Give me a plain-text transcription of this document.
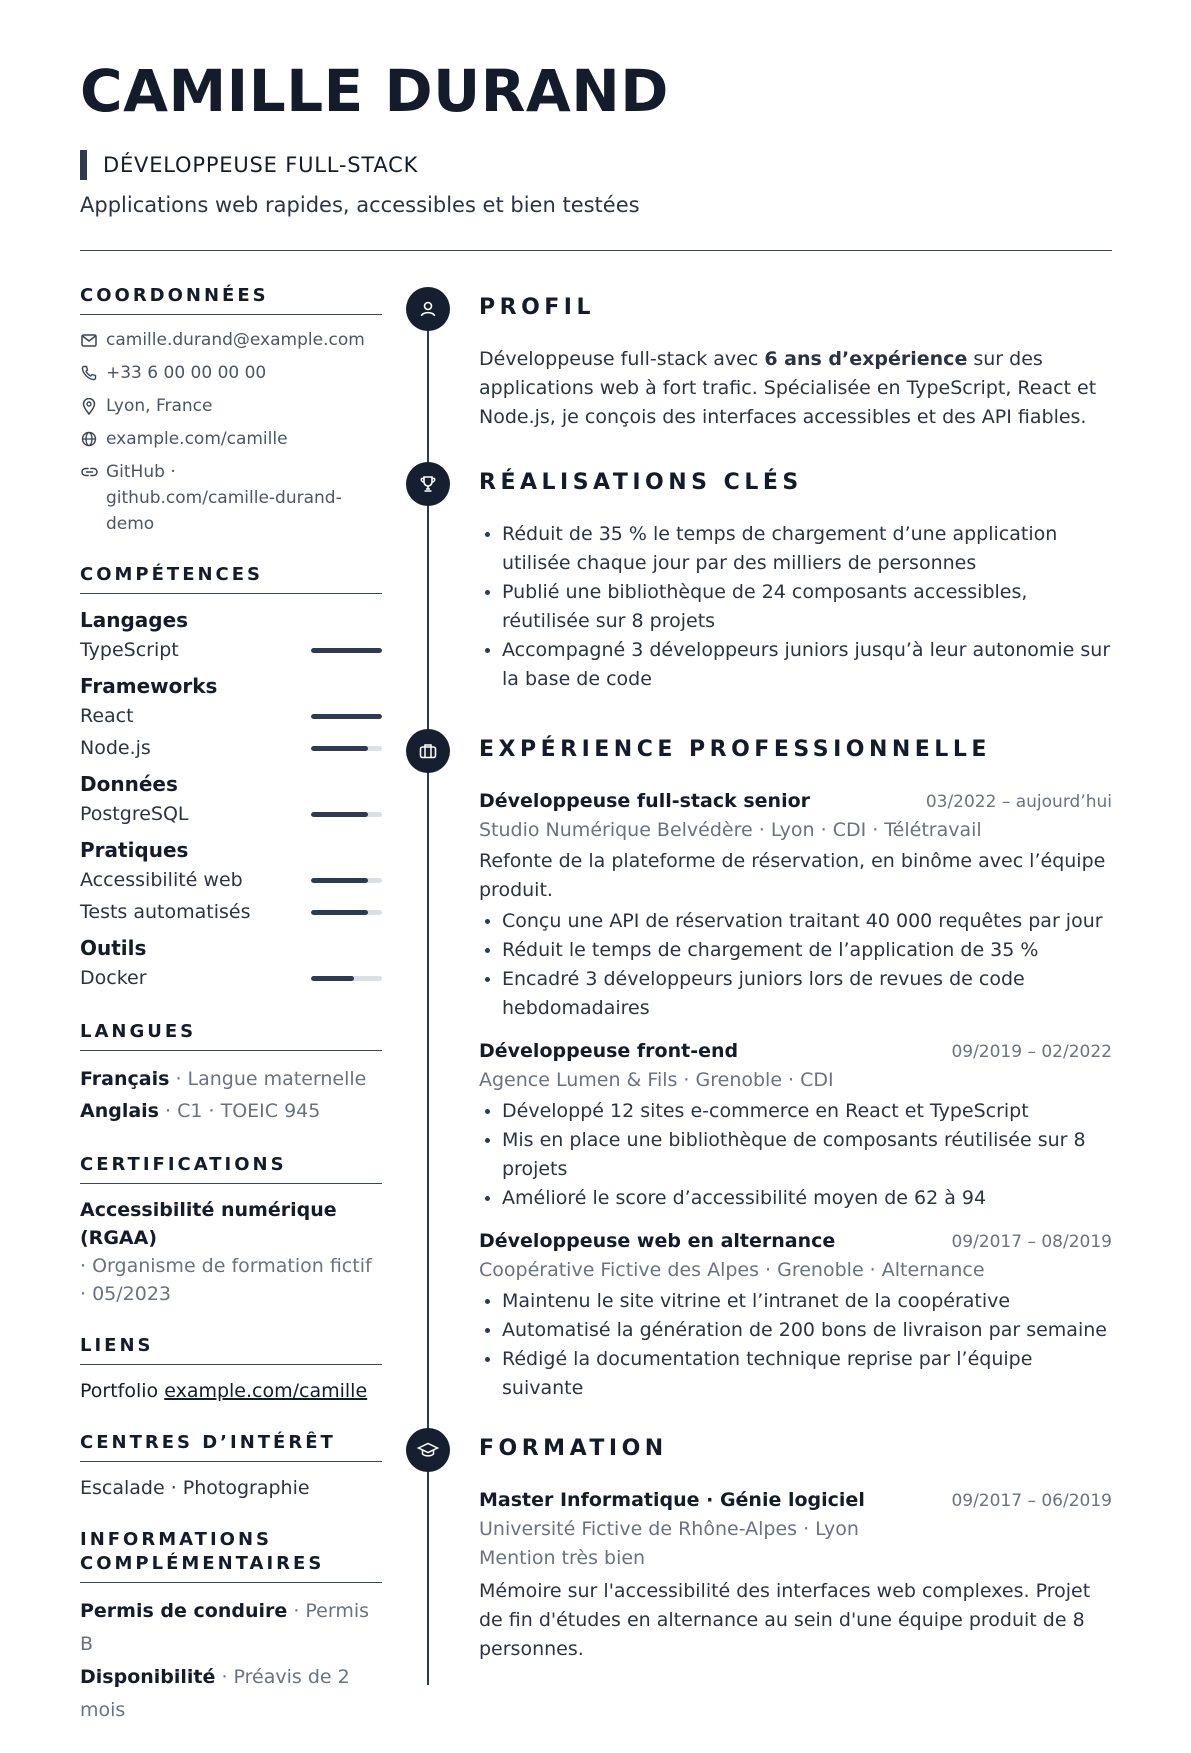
CAMILLE DURAND
DÉVELOPPEUSE FULL-STACK
Applications web rapides, accessibles et bien testées
COORDONNÉES
camille.durand@example.com
+33 6 00 00 00 00
Lyon, France
example.com/camille
GitHub · github.com/camille-durand-demo
COMPÉTENCES
Langages
TypeScript
Frameworks
React
Node.js
Données
PostgreSQL
Pratiques
Accessibilité web
Tests automatisés
Outils
Docker
LANGUES
Français · Langue maternelle
Anglais · C1 · TOEIC 945
CERTIFICATIONS
Accessibilité numérique (RGAA)
· Organisme de formation fictif · 05/2023
LIENS
Portfolio example.com/camille
CENTRES D’INTÉRÊT
Escalade · Photographie
INFORMATIONS COMPLÉMENTAIRES
Permis de conduire · Permis B
Disponibilité · Préavis de 2 mois
PROFIL

Développeuse full-stack avec 6 ans d’expérience sur des applications web à fort trafic. Spécialisée en TypeScript, React et Node.js, je conçois des interfaces accessibles et des API fiables.

RÉALISATIONS CLÉS
• Réduit de 35 % le temps de chargement d’une application utilisée chaque jour par des milliers de personnes
• Publié une bibliothèque de 24 composants accessibles, réutilisée sur 8 projets
• Accompagné 3 développeurs juniors jusqu’à leur autonomie sur la base de code
EXPÉRIENCE PROFESSIONNELLE
Développeuse full-stack senior	03/2022 – aujourd’hui
Studio Numérique Belvédère · Lyon · CDI · Télétravail
Refonte de la plateforme de réservation, en binôme avec l’équipe produit.
• Conçu une API de réservation traitant 40 000 requêtes par jour
• Réduit le temps de chargement de l’application de 35 %
• Encadré 3 développeurs juniors lors de revues de code hebdomadaires
Développeuse front-end	09/2019 – 02/2022
Agence Lumen & Fils · Grenoble · CDI
• Développé 12 sites e-commerce en React et TypeScript
• Mis en place une bibliothèque de composants réutilisée sur 8 projets
• Amélioré le score d’accessibilité moyen de 62 à 94
Développeuse web en alternance	09/2017 – 08/2019
Coopérative Fictive des Alpes · Grenoble · Alternance
• Maintenu le site vitrine et l’intranet de la coopérative
• Automatisé la génération de 200 bons de livraison par semaine
• Rédigé la documentation technique reprise par l’équipe suivante
FORMATION
Master Informatique · Génie logiciel	09/2017 – 06/2019
Université Fictive de Rhône-Alpes · Lyon
Mention très bien

Mémoire sur l'accessibilité des interfaces web complexes. Projet de fin d'études en alternance au sein d'une équipe produit de 8 personnes.
